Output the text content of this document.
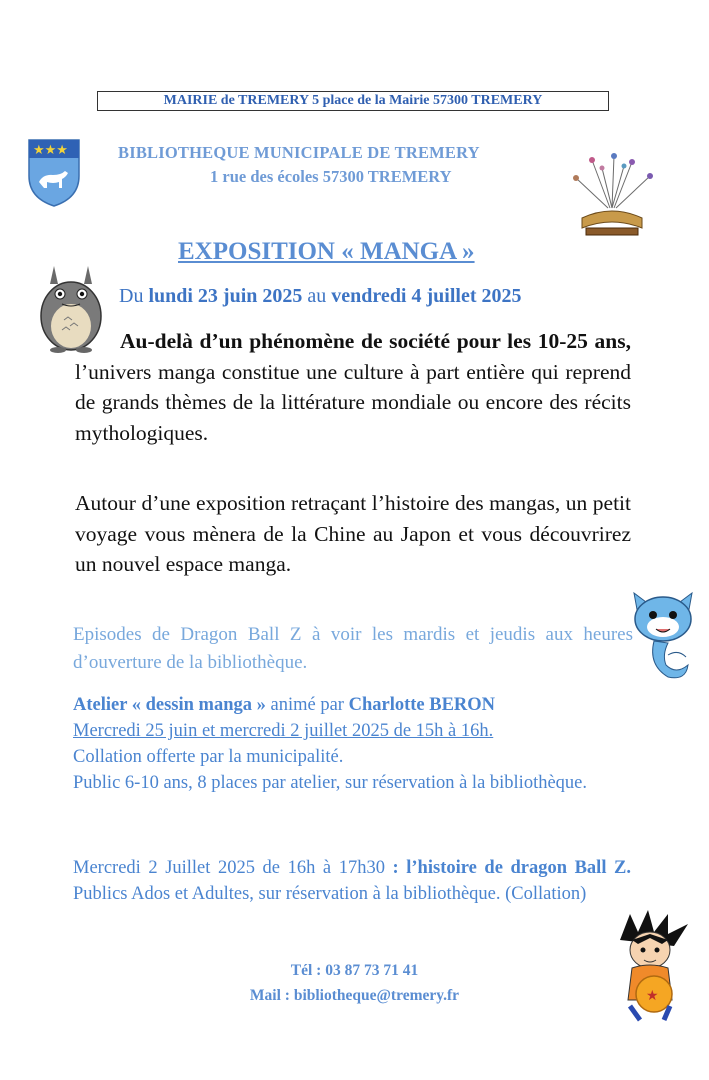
MAIRIE de TREMERY 5 place de la Mairie 57300 TREMERY
★★★	BIBLIOTHEQUE MUNICIPALE DE TREMERY
1 rue des écoles 57300 TREMERY
EXPOSITION « MANGA »
Du lundi 23 juin 2025 au vendredi 4 juillet 2025
Au-delà d’un phénomène de société pour les 10-25 ans, l’univers manga constitue une culture à part entière qui reprend de grands thèmes de la littérature mondiale ou encore des récits mythologiques.
Autour d’une exposition retraçant l’histoire des mangas, un petit voyage vous mènera de la Chine au Japon et vous découvrirez un nouvel espace manga.
Episodes de Dragon Ball Z à voir les mardis et jeudis aux heures d’ouverture de la bibliothèque.
Atelier « dessin manga » animé par Charlotte BERON
Mercredi 25 juin et mercredi 2 juillet 2025 de 15h à 16h.
Collation offerte par la municipalité.
Public 6-10 ans, 8 places par atelier, sur réservation à la bibliothèque.
Mercredi 2 Juillet 2025 de 16h à 17h30 : l’histoire de dragon Ball Z. Publics Ados et Adultes, sur réservation à la bibliothèque. (Collation)
Tél : 03 87 73 71 41
Mail : bibliotheque@tremery.fr	★
